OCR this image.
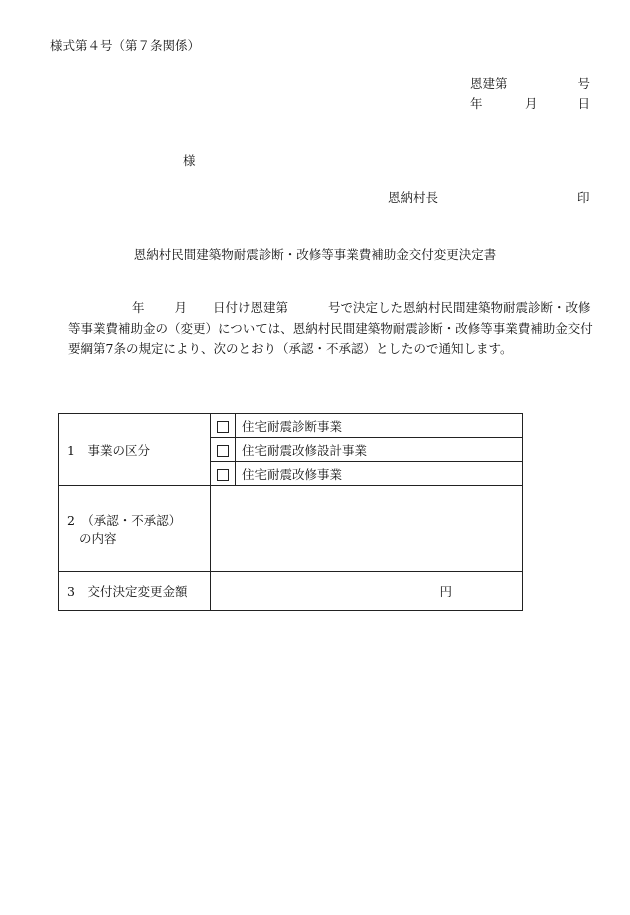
様式第４号（第７条関係）
恩建第	号
年	月	日
様
恩納村長	印
恩納村民間建築物耐震診断・改修等事業費補助金交付変更決定書
年 月 日付け恩建第	号で決定した恩納村民間建築物耐震診断・改修等事業費補助金の（変更）については、恩納村民間建築物耐震診断・改修等事業費補助金交付要綱第7条の規定により、次のとおり（承認・不承認）としたので通知します。
1　事業の区分		住宅耐震診断事業
		住宅耐震改修設計事業
		住宅耐震改修事業

2　（承認・不承認）
の内容		

3　交付決定変更金額	円	
